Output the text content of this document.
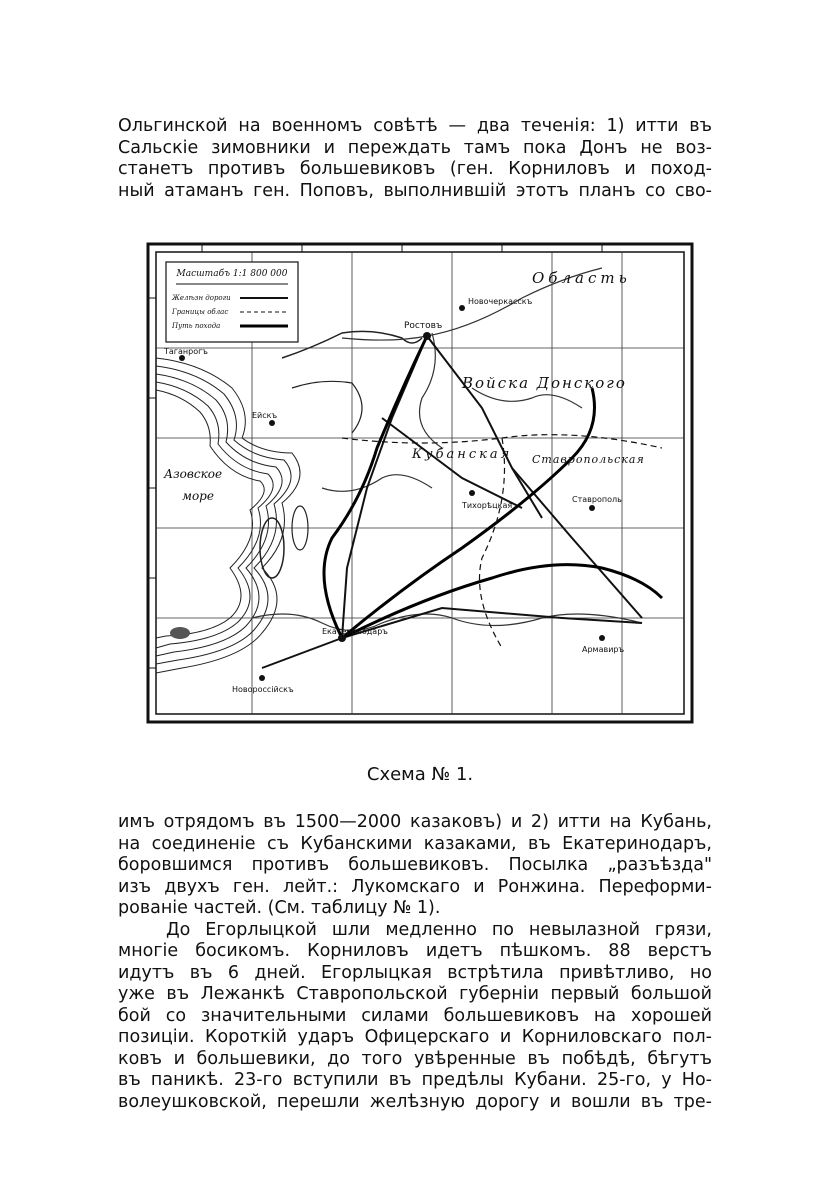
Ольгинской на военномъ совѣтѣ — два теченія: 1) итти въ
Сальскіе зимовники и переждать тамъ пока Донъ не воз-
станетъ противъ большевиковъ (ген. Корниловъ и поход-
ный атаманъ ген. Поповъ, выполнившій этотъ планъ со сво-
Масштабъ 1:1 800 000
Желѣзн дороги
Границы облас
Путь похода
Область
Войска Донского
Кубанская Ставропольская
Азовское
море
Ростовъ
Новочеркасскъ
Ейскъ
Таганрогъ
Екатеринодаръ
Новороссійскъ
Ставрополь
Армавиръ
Тихорѣцкая
Схема № 1.
имъ отрядомъ въ 1500—2000 казаковъ) и 2) итти на Кубань,
на соединеніе съ Кубанскими казаками, въ Екатеринодаръ,
боровшимся противъ большевиковъ. Посылка „разъѣзда"
изъ двухъ ген. лейт.: Лукомскаго и Ронжина. Переформи-
рованіе частей. (См. таблицу № 1).
До Егорлыцкой шли медленно по невылазной грязи,
многіе босикомъ. Корниловъ идетъ пѣшкомъ. 88 верстъ
идутъ въ 6 дней. Егорлыцкая встрѣтила привѣтливо, но
уже въ Лежанкѣ Ставропольской губерніи первый большой
бой со значительными силами большевиковъ на хорошей
позиціи. Короткій ударъ Офицерскаго и Корниловскаго пол-
ковъ и большевики, до того увѣренные въ побѣдѣ, бѣгутъ
въ паникѣ. 23-го вступили въ предѣлы Кубани. 25-го, у Но-
волеушковской, перешли желѣзную дорогу и вошли въ тре-
